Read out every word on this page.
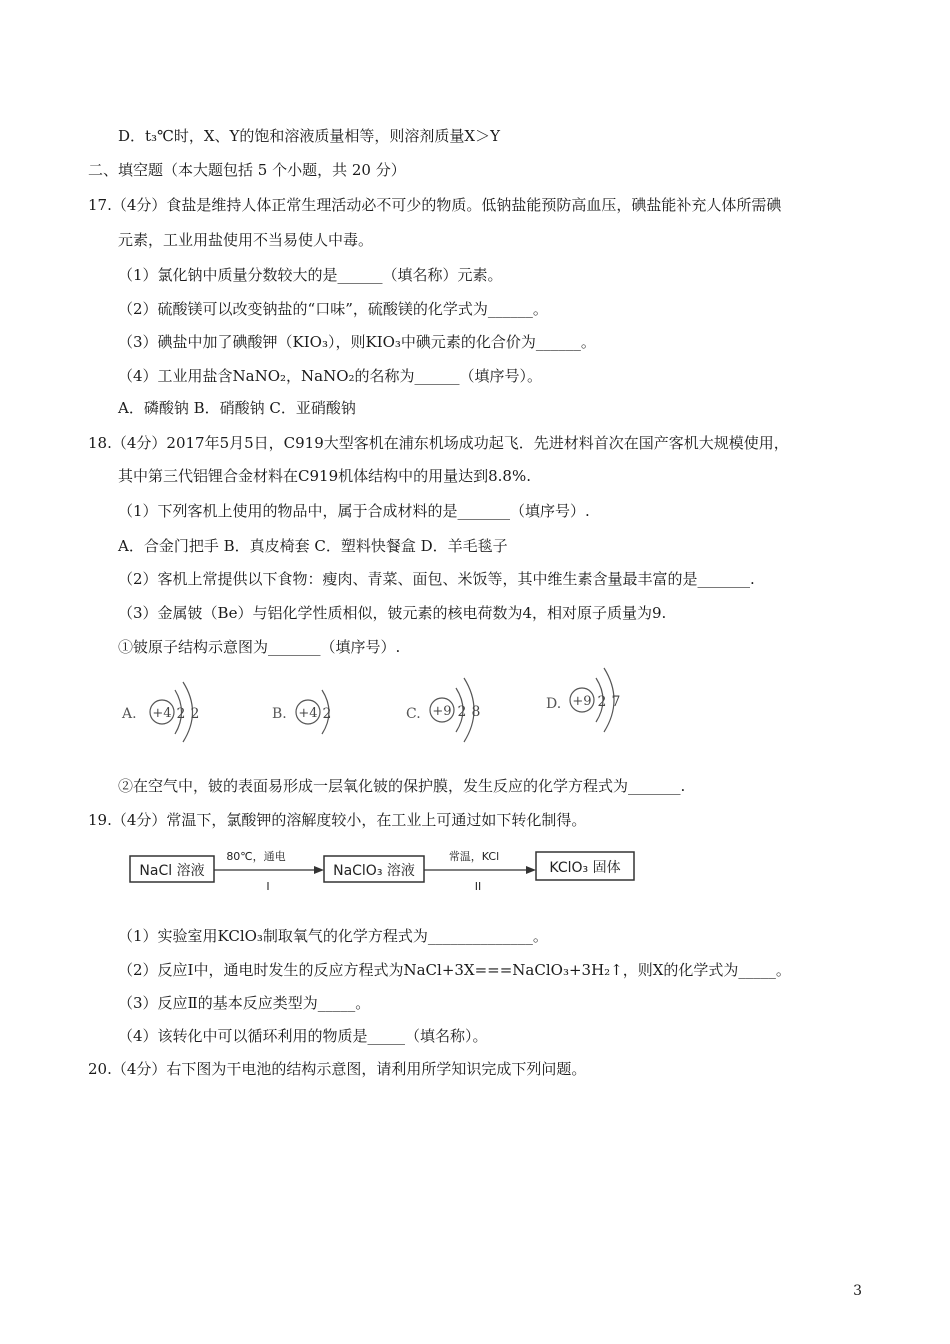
D．t₃℃时，X、Y的饱和溶液质量相等，则溶剂质量X＞Y
二、填空题（本大题包括 5 个小题，共 20 分）
17.（4分）食盐是维持人体正常生理活动必不可少的物质。低钠盐能预防高血压，碘盐能补充人体所需碘
元素，工业用盐使用不当易使人中毒。
（1）氯化钠中质量分数较大的是______（填名称）元素。
（2）硫酸镁可以改变钠盐的“口味”，硫酸镁的化学式为______。
（3）碘盐中加了碘酸钾（KIO₃），则KIO₃中碘元素的化合价为______。
（4）工业用盐含NaNO₂，NaNO₂的名称为______（填序号）。
A．磷酸钠 B．硝酸钠 C．亚硝酸钠
18.（4分）2017年5月5日，C919大型客机在浦东机场成功起飞．先进材料首次在国产客机大规模使用，
其中第三代铝锂合金材料在C919机体结构中的用量达到8.8%.
（1）下列客机上使用的物品中，属于合成材料的是_______（填序号）.
A．合金门把手 B．真皮椅套 C．塑料快餐盒 D．羊毛毯子
（2）客机上常提供以下食物：瘦肉、青菜、面包、米饭等，其中维生素含量最丰富的是_______.
（3）金属铍（Be）与铝化学性质相似，铍元素的核电荷数为4，相对原子质量为9.
①铍原子结构示意图为_______（填序号）.
A. +4 2 2	B. +4 2	C. +9 2 8	D. +9 2 7
②在空气中，铍的表面易形成一层氧化铍的保护膜，发生反应的化学方程式为_______.
19.（4分）常温下，氯酸钾的溶解度较小，在工业上可通过如下转化制得。
NaCl 溶液
80℃，通电
I
NaClO₃ 溶液
常温，KCl
II
KClO₃ 固体
（1）实验室用KClO₃制取氧气的化学方程式为______________。
（2）反应Ⅰ中，通电时发生的反应方程式为NaCl+3X===NaClO₃+3H₂↑，则X的化学式为_____。
（3）反应Ⅱ的基本反应类型为_____。
（4）该转化中可以循环利用的物质是_____（填名称）。
20.（4分）右下图为干电池的结构示意图，请利用所学知识完成下列问题。
3
